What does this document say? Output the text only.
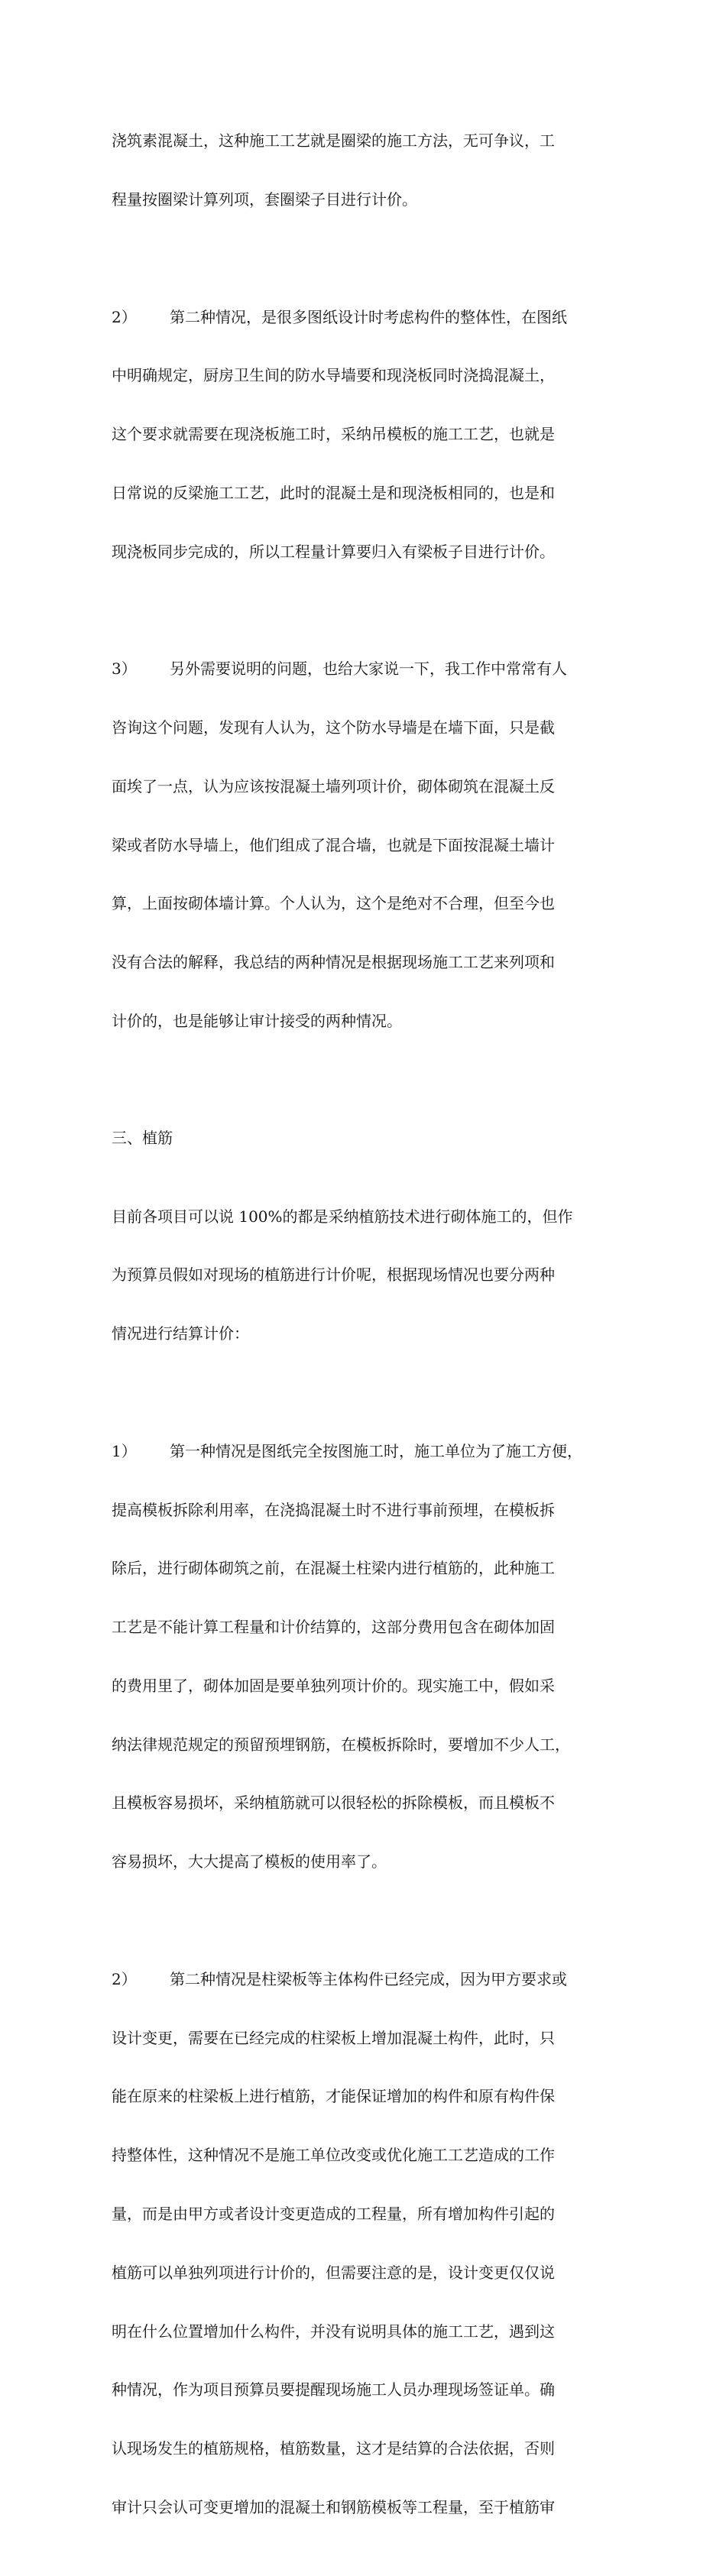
浇筑素混凝土，这种施工工艺就是圈梁的施工方法，无可争议，工

程量按圈梁计算列项，套圈梁子目进行计价。

2） 第二种情况，是很多图纸设计时考虑构件的整体性，在图纸

中明确规定，厨房卫生间的防水导墙要和现浇板同时浇捣混凝土，

这个要求就需要在现浇板施工时，采纳吊模板的施工工艺，也就是

日常说的反梁施工工艺，此时的混凝土是和现浇板相同的，也是和

现浇板同步完成的，所以工程量计算要归入有梁板子目进行计价。

3） 另外需要说明的问题，也给大家说一下，我工作中常常有人

咨询这个问题，发现有人认为，这个防水导墙是在墙下面，只是截

面埃了一点，认为应该按混凝土墙列项计价，砌体砌筑在混凝土反

梁或者防水导墙上，他们组成了混合墙，也就是下面按混凝土墙计

算，上面按砌体墙计算。个人认为，这个是绝对不合理，但至今也

没有合法的解释，我总结的两种情况是根据现场施工工艺来列项和

计价的，也是能够让审计接受的两种情况。

三、植筋

目前各项目可以说 100%的都是采纳植筋技术进行砌体施工的，但作

为预算员假如对现场的植筋进行计价呢，根据现场情况也要分两种

情况进行结算计价：

1） 第一种情况是图纸完全按图施工时，施工单位为了施工方便，

提高模板拆除利用率，在浇捣混凝土时不进行事前预埋，在模板拆

除后，进行砌体砌筑之前，在混凝土柱梁内进行植筋的，此种施工

工艺是不能计算工程量和计价结算的，这部分费用包含在砌体加固

的费用里了，砌体加固是要单独列项计价的。现实施工中，假如采

纳法律规范规定的预留预埋钢筋，在模板拆除时，要增加不少人工，

且模板容易损坏，采纳植筋就可以很轻松的拆除模板，而且模板不

容易损坏，大大提高了模板的使用率了。

2） 第二种情况是柱梁板等主体构件已经完成，因为甲方要求或

设计变更，需要在已经完成的柱梁板上增加混凝土构件，此时，只

能在原来的柱梁板上进行植筋，才能保证增加的构件和原有构件保

持整体性，这种情况不是施工单位改变或优化施工工艺造成的工作

量，而是由甲方或者设计变更造成的工程量，所有增加构件引起的

植筋可以单独列项进行计价的，但需要注意的是，设计变更仅仅说

明在什么位置增加什么构件，并没有说明具体的施工工艺，遇到这

种情况，作为项目预算员要提醒现场施工人员办理现场签证单。确

认现场发生的植筋规格，植筋数量，这才是结算的合法依据，否则

审计只会认可变更增加的混凝土和钢筋模板等工程量，至于植筋审
